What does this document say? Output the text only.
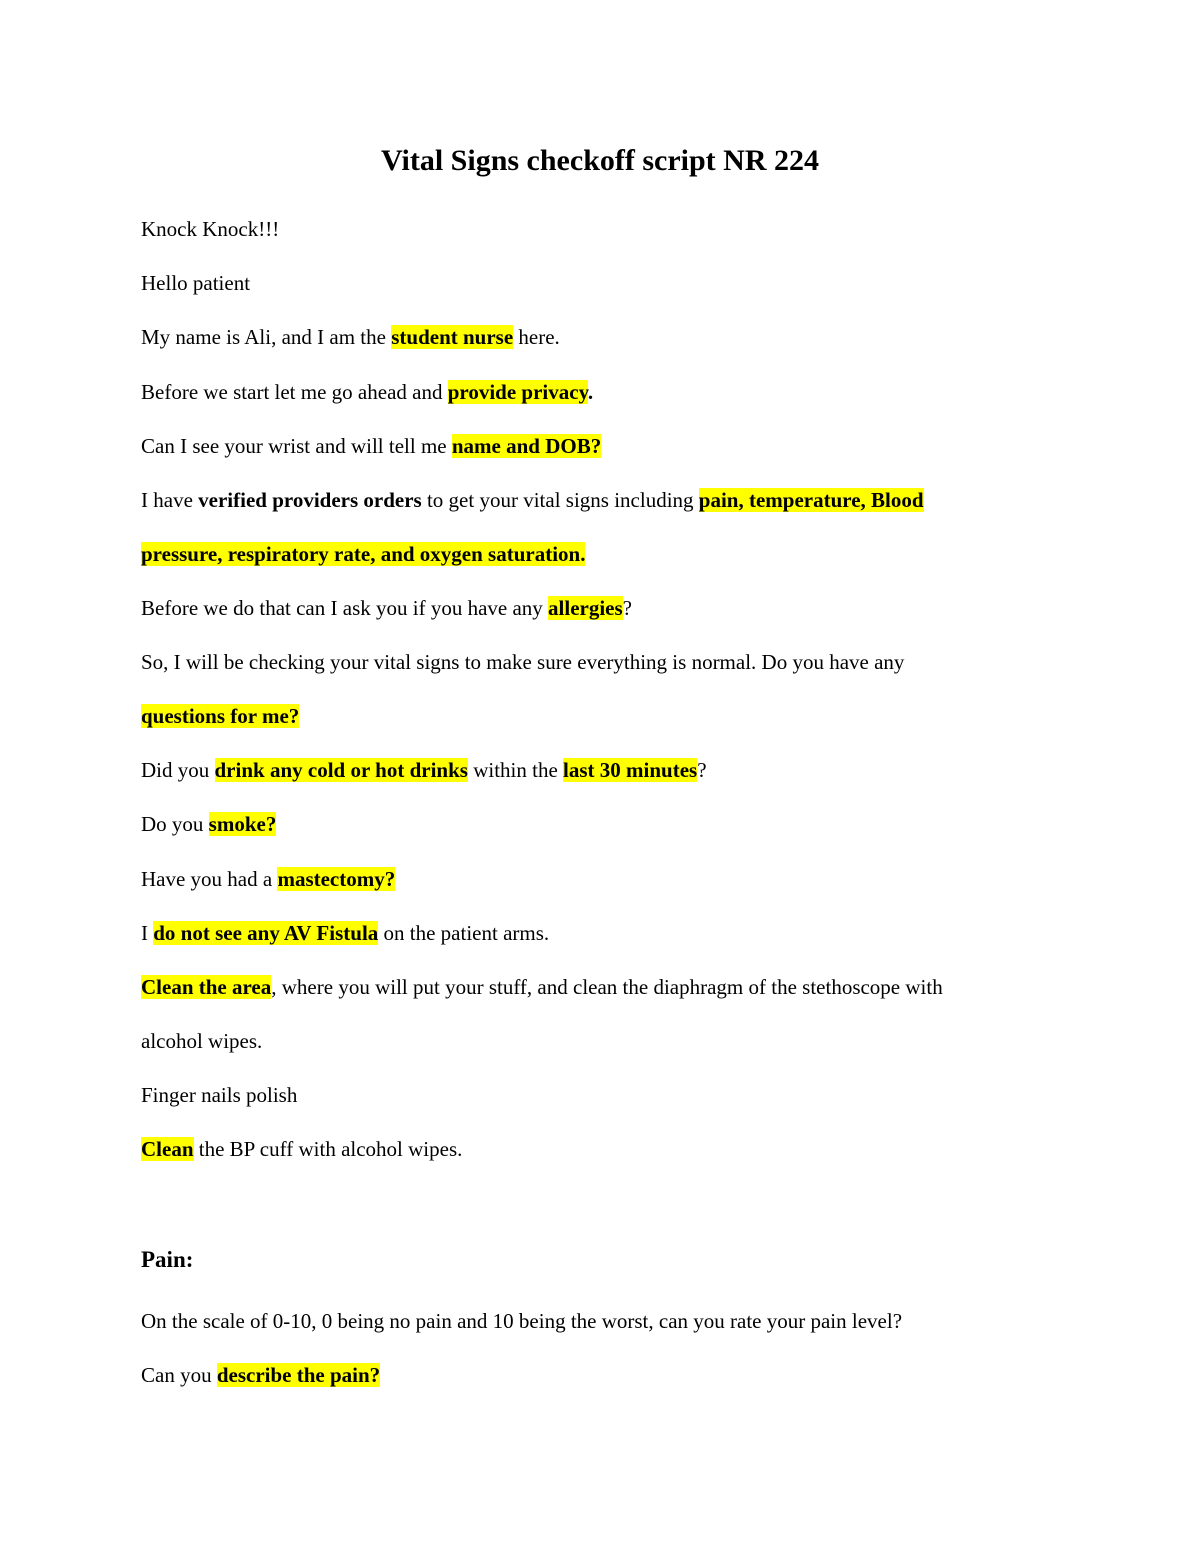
Vital Signs checkoff script NR 224

Knock Knock!!!

Hello patient

My name is Ali, and I am the student nurse here.

Before we start let me go ahead and provide privacy.

Can I see your wrist and will tell me name and DOB?

I have verified providers orders to get your vital signs including pain, temperature, Blood

pressure, respiratory rate, and oxygen saturation.

Before we do that can I ask you if you have any allergies?

So, I will be checking your vital signs to make sure everything is normal. Do you have any

questions for me?

Did you drink any cold or hot drinks within the last 30 minutes?

Do you smoke?

Have you had a mastectomy?

I do not see any AV Fistula on the patient arms.

Clean the area, where you will put your stuff, and clean the diaphragm of the stethoscope with

alcohol wipes.

Finger nails polish

Clean the BP cuff with alcohol wipes.

Pain:

On the scale of 0-10, 0 being no pain and 10 being the worst, can you rate your pain level?

Can you describe the pain?
